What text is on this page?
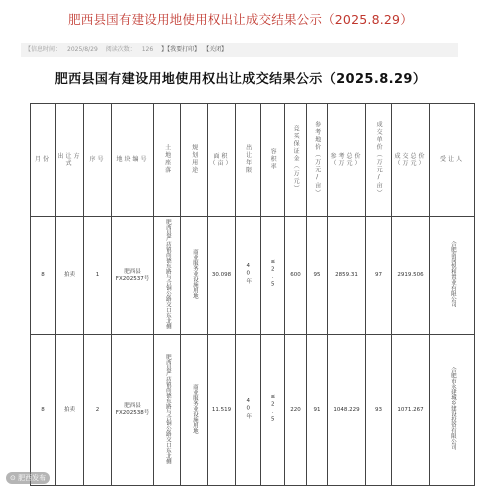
肥西县国有建设用地使用权出让成交结果公示（2025.8.29）
【信息时间： 2025/8/29 阅读次数： 126 】【我要打印】 【关闭】
肥西县国有建设用地使用权出让成交结果公示（2025.8.29）
月份	出让方式	序号	地块编号	土地座落	规划用途	面积（亩）	出让年限	容积率	竞买保证金（万元）	参考地价（万元/亩）	参考总价（万元）	成交单价（万元/亩）	成交总价（万元）	受让人
8	拍卖	1	肥西县FX202537号	肥西县严店镇尚德东路与合铜公路交口东北侧	商业服务业设施用地	30.098	40年	≤2.5	600	95	2859.31	97	2919.506	合肥南岗悦和置业有限公司
8	拍卖	2	肥西县FX202538号	肥西县严店镇尚德东路与合铜公路交口东北侧	商业服务业设施用地	11.519	40年	≤2.5	220	91	1048.229	93	1071.267	合肥市永建城乡建设投资有限公司
⊙ 肥西发布
